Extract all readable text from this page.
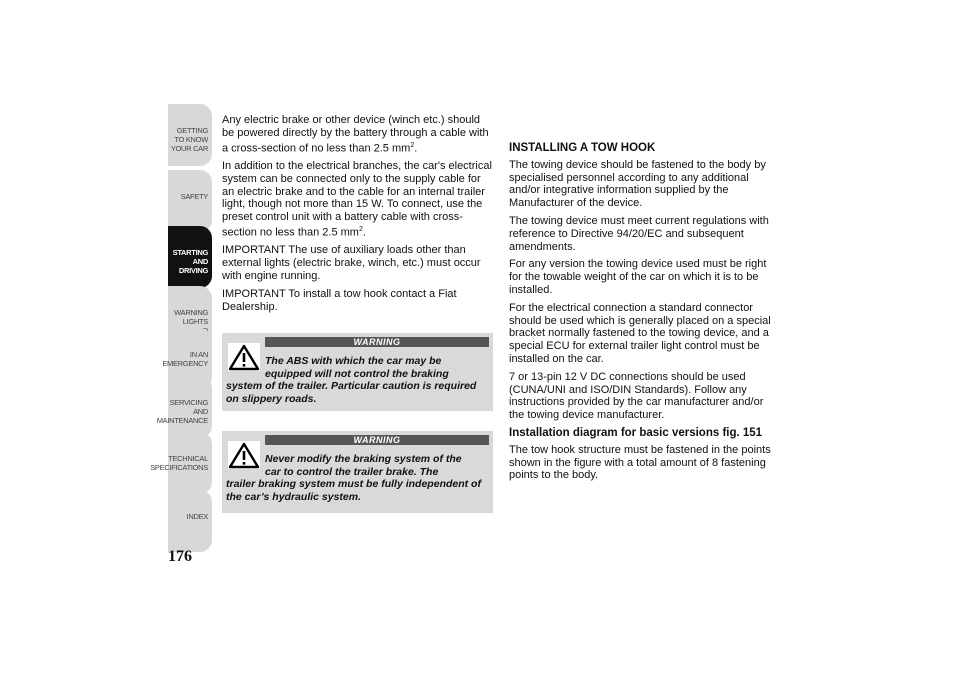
GETTING TO KNOW
YOUR CAR
SAFETY
STARTING AND
DRIVING
WARNING LIGHTS

IN AN EMERGENCY
SERVICING AND
MAINTENANCE
TECHNICAL
SPECIFICATIONS
INDEX
176

Any electric brake or other device (winch etc.) should be powered directly by the battery through a cable with a cross-section of no less than 2.5 $mm^2$.

In addition to the electrical branches, the car's electrical system can be connected only to the supply cable for an electric brake and to the cable for an internal trailer light, though not more than 15 W. To connect, use the preset control unit with a battery cable with cross-section no less than 2.5 $mm^2$.

IMPORTANT The use of auxiliary loads other than external lights (electric brake, winch, etc.) must occur with engine running.

IMPORTANT To install a tow hook contact a Fiat Dealership.

WARNING
The ABS with which the car may be
equipped will not control the braking
system of the trailer. Particular caution is required on slippery roads.
WARNING
Never modify the braking system of the
car to control the trailer brake. The
trailer braking system must be fully independent of the car’s hydraulic system.
INSTALLING A TOW HOOK

The towing device should be fastened to the body by specialised personnel according to any additional and/or integrative information supplied by the Manufacturer of the device.

The towing device must meet current regulations with reference to Directive 94/20/EC and subsequent amendments.

For any version the towing device used must be right for the towable weight of the car on which it is to be installed.

For the electrical connection a standard connector should be used which is generally placed on a special bracket normally fastened to the towing device, and a special ECU for external trailer light control must be installed on the car.

7 or 13-pin 12 V DC connections should be used (CUNA/UNI and ISO/DIN Standards). Follow any instructions provided by the car manufacturer and/or the towing device manufacturer.

Installation diagram for basic versions fig. 151

The tow hook structure must be fastened in the points shown in the figure with a total amount of 8 fastening points to the body.
